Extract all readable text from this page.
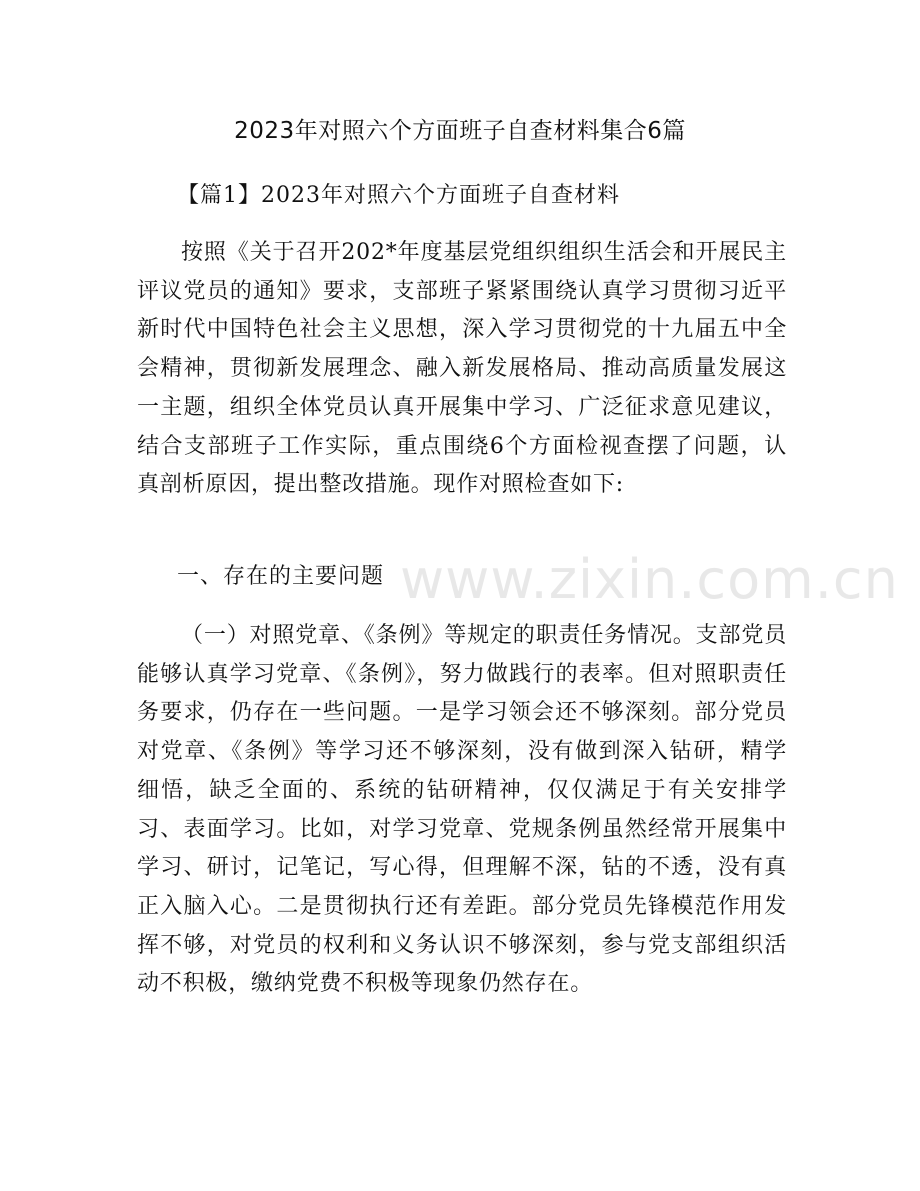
2023年对照六个方面班子自查材料集合6篇
【篇1】2023年对照六个方面班子自查材料
按照《关于召开202*年度基层党组织组织生活会和开展民主评议党员的通知》要求，支部班子紧紧围绕认真学习贯彻习近平新时代中国特色社会主义思想，深入学习贯彻党的十九届五中全会精神，贯彻新发展理念、融入新发展格局、推动高质量发展这一主题，组织全体党员认真开展集中学习、广泛征求意见建议，结合支部班子工作实际，重点围绕6个方面检视查摆了问题，认真剖析原因，提出整改措施。现作对照检查如下:
一、存在的主要问题
（一）对照党章、《条例》等规定的职责任务情况。支部党员能够认真学习党章、《条例》，努力做践行的表率。但对照职责任务要求，仍存在一些问题。一是学习领会还不够深刻。部分党员对党章、《条例》等学习还不够深刻，没有做到深入钻研，精学细悟，缺乏全面的、系统的钻研精神，仅仅满足于有关安排学习、表面学习。比如，对学习党章、党规条例虽然经常开展集中学习、研讨，记笔记，写心得，但理解不深，钻的不透，没有真正入脑入心。二是贯彻执行还有差距。部分党员先锋模范作用发挥不够，对党员的权利和义务认识不够深刻，参与党支部组织活动不积极，缴纳党费不积极等现象仍然存在。
www.zixin.com.cn
